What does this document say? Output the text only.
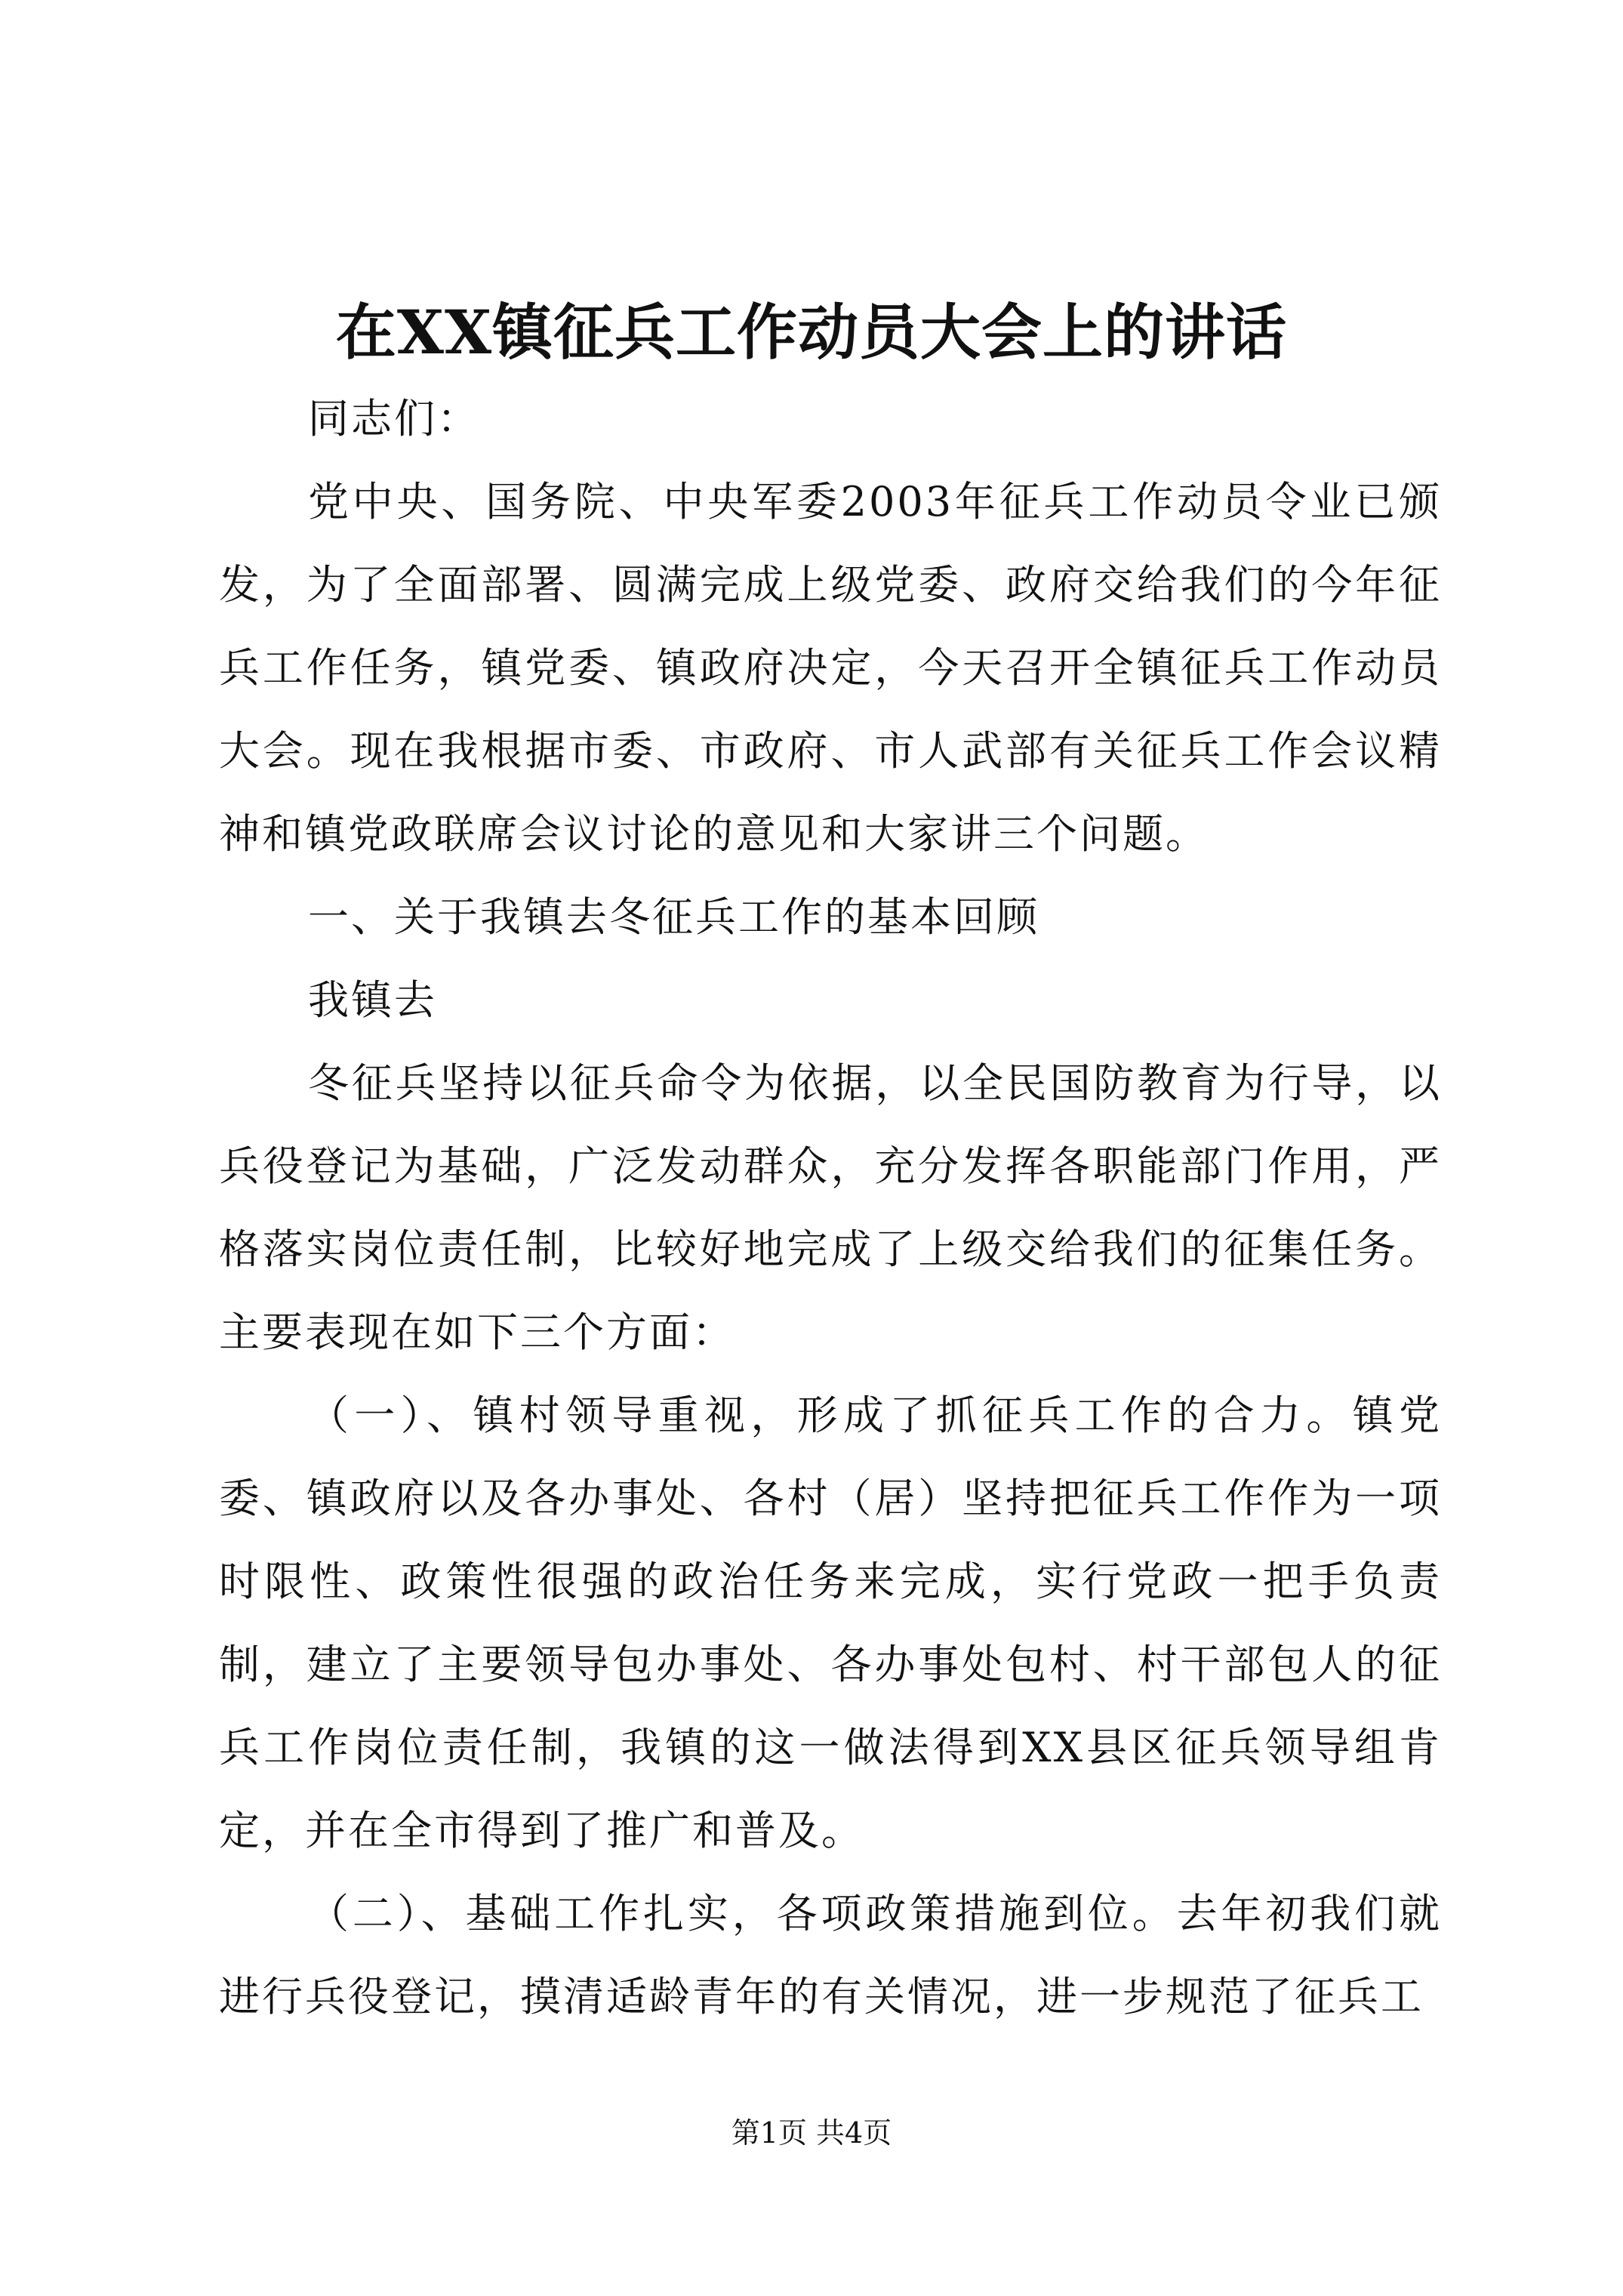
在XX镇征兵工作动员大会上的讲话

同志们：

党中央、国务院、中央军委2003年征兵工作动员令业已颁发，为了全面部署、圆满完成上级党委、政府交给我们的今年征兵工作任务，镇党委、镇政府决定，今天召开全镇征兵工作动员大会。现在我根据市委、市政府、市人武部有关征兵工作会议精神和镇党政联席会议讨论的意见和大家讲三个问题。

一、关于我镇去冬征兵工作的基本回顾

我镇去

冬征兵坚持以征兵命令为依据，以全民国防教育为行导，以兵役登记为基础，广泛发动群众，充分发挥各职能部门作用，严格落实岗位责任制，比较好地完成了上级交给我们的征集任务。主要表现在如下三个方面：

（一）、镇村领导重视，形成了抓征兵工作的合力。镇党委、镇政府以及各办事处、各村（居）坚持把征兵工作作为一项时限性、政策性很强的政治任务来完成，实行党政一把手负责制，建立了主要领导包办事处、各办事处包村、村干部包人的征兵工作岗位责任制，我镇的这一做法得到XX县区征兵领导组肯定，并在全市得到了推广和普及。

（二）、基础工作扎实，各项政策措施到位。去年初我们就进行兵役登记，摸清适龄青年的有关情况，进一步规范了征兵工

第1页 共4页
